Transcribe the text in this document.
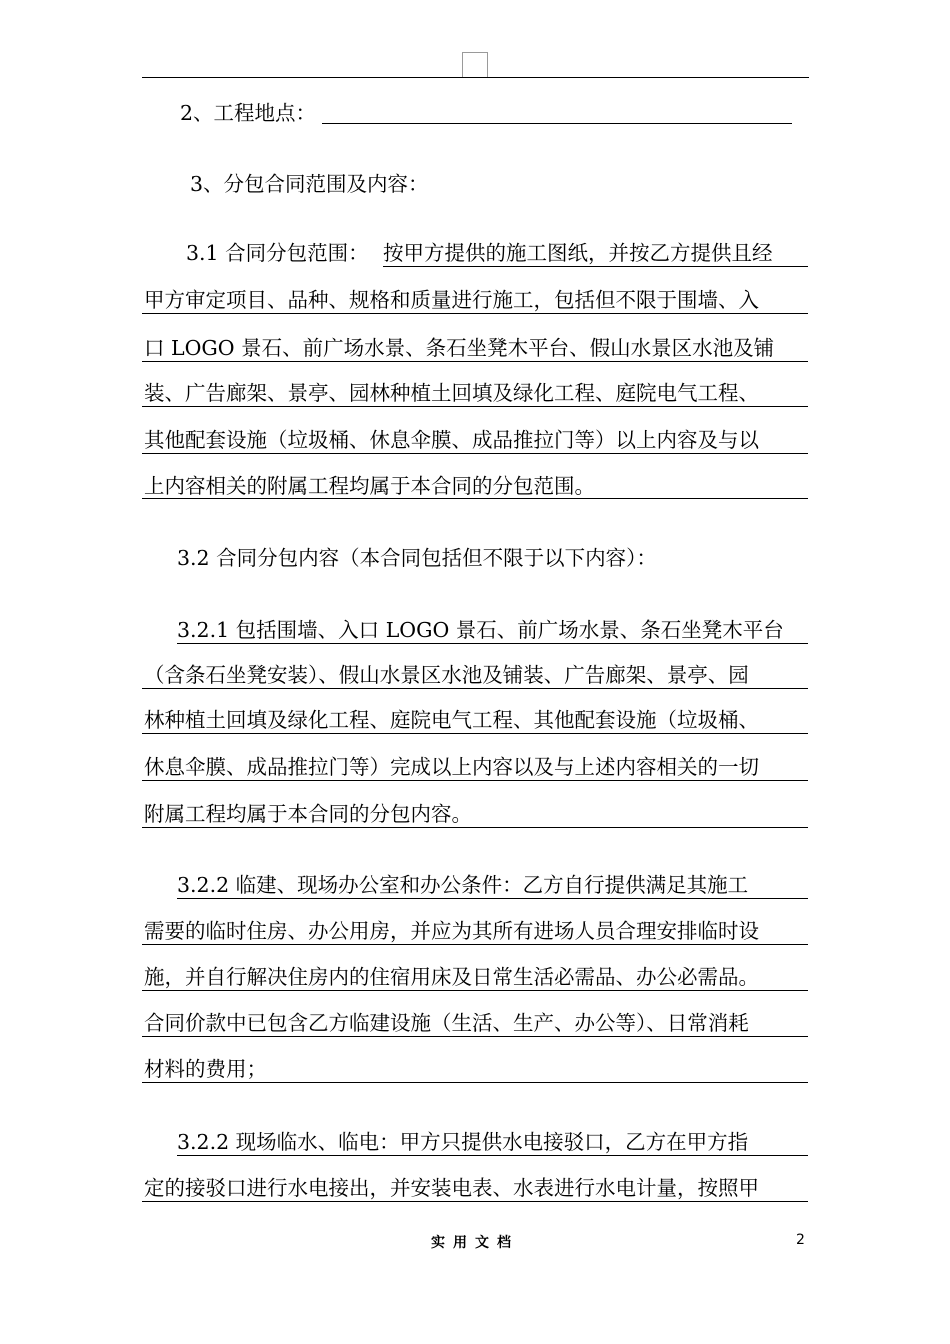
2、工程地点：
3、分包合同范围及内容：
3.1 合同分包范围： 按甲方提供的施工图纸，并按乙方提供且经
甲方审定项目、品种、规格和质量进行施工，包括但不限于围墙、入
口 LOGO 景石、前广场水景、条石坐凳木平台、假山水景区水池及铺
装、广告廊架、景亭、园林种植土回填及绿化工程、庭院电气工程、
其他配套设施（垃圾桶、休息伞膜、成品推拉门等）以上内容及与以
上内容相关的附属工程均属于本合同的分包范围。
3.2 合同分包内容（本合同包括但不限于以下内容）：
3.2.1 包括围墙、入口 LOGO 景石、前广场水景、条石坐凳木平台
（含条石坐凳安装）、假山水景区水池及铺装、广告廊架、景亭、园
林种植土回填及绿化工程、庭院电气工程、其他配套设施（垃圾桶、
休息伞膜、成品推拉门等）完成以上内容以及与上述内容相关的一切
附属工程均属于本合同的分包内容。
3.2.2 临建、现场办公室和办公条件：乙方自行提供满足其施工
需要的临时住房、办公用房，并应为其所有进场人员合理安排临时设
施，并自行解决住房内的住宿用床及日常生活必需品、办公必需品。
合同价款中已包含乙方临建设施（生活、生产、办公等）、日常消耗
材料的费用；
3.2.2 现场临水、临电：甲方只提供水电接驳口，乙方在甲方指
定的接驳口进行水电接出，并安装电表、水表进行水电计量，按照甲
实用文档	2
